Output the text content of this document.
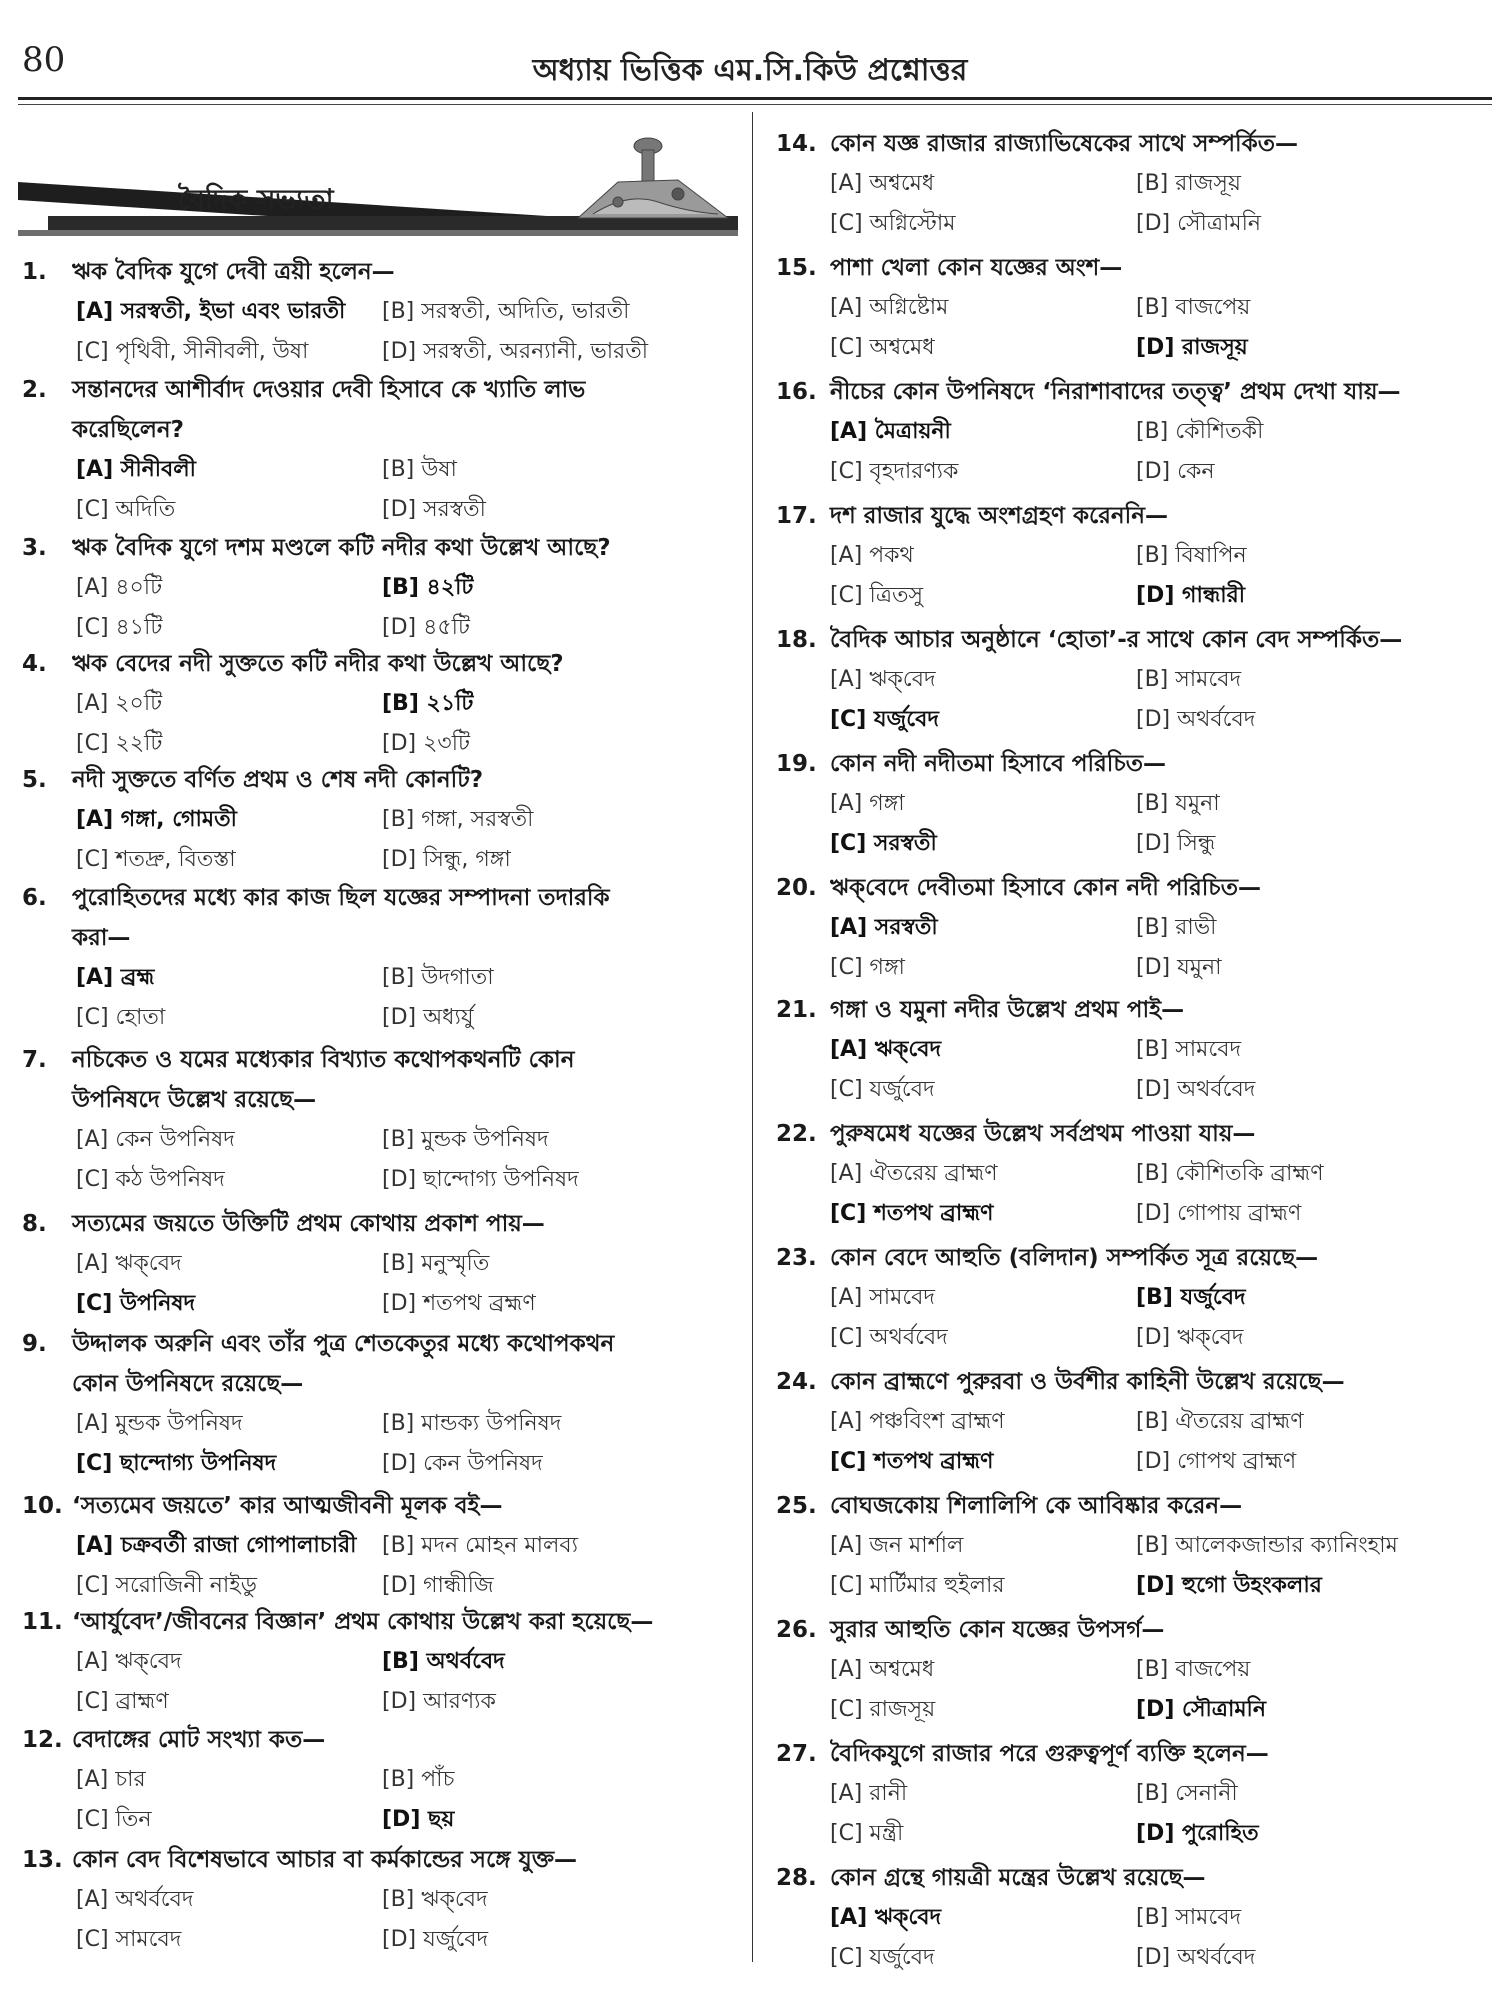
80	অধ্যায় ভিত্তিক এম.সি.কিউ প্রশ্নোত্তর
বৈদিক সভ্যতা
1. ঋক বৈদিক যুগে দেবী ত্রয়ী হলেন—
[A] সরস্বতী, ইভা এবং ভারতী [B] সরস্বতী, অদিতি, ভারতী
[C] পৃথিবী, সীনীবলী, উষা	[D] সরস্বতী, অরন্যানী, ভারতী
2. সন্তানদের আশীর্বাদ দেওয়ার দেবী হিসাবে কে খ্যাতি লাভ
করেছিলেন?
[A] সীনীবলী	[B] উষা
[C] অদিতি	[D] সরস্বতী
3. ঋক বৈদিক যুগে দশম মণ্ডলে কটি নদীর কথা উল্লেখ আছে?
[A] ৪০টি	[B] ৪২টি
[C] ৪১টি	[D] ৪৫টি
4. ঋক বেদের নদী সুক্ততে কটি নদীর কথা উল্লেখ আছে?
[A] ২০টি	[B] ২১টি
[C] ২২টি	[D] ২৩টি
5. নদী সুক্ততে বর্ণিত প্রথম ও শেষ নদী কোনটি?
[A] গঙ্গা, গোমতী	[B] গঙ্গা, সরস্বতী
[C] শতদ্রু, বিতস্তা	[D] সিন্ধু, গঙ্গা
6. পুরোহিতদের মধ্যে কার কাজ ছিল যজ্ঞের সম্পাদনা তদারকি
করা—
[A] ব্রহ্ম	[B] উদগাতা
[C] হোতা	[D] অধ্যর্যু
7. নচিকেত ও যমের মধ্যেকার বিখ্যাত কথোপকথনটি কোন
উপনিষদে উল্লেখ রয়েছে—
[A] কেন উপনিষদ	[B] মুন্ডক উপনিষদ
[C] কঠ উপনিষদ	[D] ছান্দোগ্য উপনিষদ
8. সত্যমের জয়তে উক্তিটি প্রথম কোথায় প্রকাশ পায়—
[A] ঋক্‌বেদ	[B] মনুস্মৃতি
[C] উপনিষদ	[D] শতপথ ব্রহ্মণ
9. উদ্দালক অরুনি এবং তাঁর পুত্র শেতকেতুর মধ্যে কথোপকথন
কোন উপনিষদে রয়েছে—
[A] মুন্ডক উপনিষদ	[B] মান্ডক্য উপনিষদ
[C] ছান্দোগ্য উপনিষদ	[D] কেন উপনিষদ
10. ‘সত্যমেব জয়তে’ কার আত্মজীবনী মূলক বই—
[A] চক্রবর্তী রাজা গোপালাচারী [B] মদন মোহন মালব্য
[C] সরোজিনী নাইডু	[D] গান্ধীজি
11. ‘আর্যুবেদ’/জীবনের বিজ্ঞান’ প্রথম কোথায় উল্লেখ করা হয়েছে—
[A] ঋক্‌বেদ	[B] অথর্ববেদ
[C] ব্রাহ্মণ	[D] আরণ্যক
12. বেদাঙ্গের মোট সংখ্যা কত—
[A] চার	[B] পাঁচ
[C] তিন	[D] ছয়
13. কোন বেদ বিশেষভাবে আচার বা কর্মকান্ডের সঙ্গে যুক্ত—
[A] অথর্ববেদ	[B] ঋক্‌বেদ
[C] সামবেদ	[D] যর্জুবেদ
14. কোন যজ্ঞ রাজার রাজ্যাভিষেকের সাথে সম্পর্কিত—
[A] অশ্বমেধ	[B] রাজসূয়
[C] অগ্নিস্টোম	[D] সৌত্রামনি
15. পাশা খেলা কোন যজ্ঞের অংশ—
[A] অগ্নিষ্টোম	[B] বাজপেয়
[C] অশ্বমেধ	[D] রাজসূয়
16. নীচের কোন উপনিষদে ‘নিরাশাবাদের তত্ত্ব’ প্রথম দেখা যায়—
[A] মৈত্রায়নী	[B] কৌশিতকী
[C] বৃহদারণ্যক	[D] কেন
17. দশ রাজার যুদ্ধে অংশগ্রহণ করেননি—
[A] পকথ	[B] বিষাপিন
[C] ত্রিতসু	[D] গান্ধারী
18. বৈদিক আচার অনুষ্ঠানে ‘হোতা’-র সাথে কোন বেদ সম্পর্কিত—
[A] ঋক্‌বেদ	[B] সামবেদ
[C] যর্জুবেদ	[D] অথর্ববেদ
19. কোন নদী নদীতমা হিসাবে পরিচিত—
[A] গঙ্গা	[B] যমুনা
[C] সরস্বতী	[D] সিন্ধু
20. ঋক্‌বেদে দেবীতমা হিসাবে কোন নদী পরিচিত—
[A] সরস্বতী	[B] রাভী
[C] গঙ্গা	[D] যমুনা
21. গঙ্গা ও যমুনা নদীর উল্লেখ প্রথম পাই—
[A] ঋক্‌বেদ	[B] সামবেদ
[C] যর্জুবেদ	[D] অথর্ববেদ
22. পুরুষমেধ যজ্ঞের উল্লেখ সর্বপ্রথম পাওয়া যায়—
[A] ঐতরেয় ব্রাহ্মণ	[B] কৌশিতকি ব্রাহ্মণ
[C] শতপথ ব্রাহ্মণ	[D] গোপায় ব্রাহ্মণ
23. কোন বেদে আহুতি (বলিদান) সম্পর্কিত সূত্র রয়েছে—
[A] সামবেদ	[B] যর্জুবেদ
[C] অথর্ববেদ	[D] ঋক্‌বেদ
24. কোন ব্রাহ্মণে পুরুরবা ও উর্বশীর কাহিনী উল্লেখ রয়েছে—
[A] পঞ্চবিংশ ব্রাহ্মণ	[B] ঐতরেয় ব্রাহ্মণ
[C] শতপথ ব্রাহ্মণ	[D] গোপথ ব্রাহ্মণ
25. বোঘজকোয় শিলালিপি কে আবিষ্কার করেন—
[A] জন মার্শাল	[B] আলেকজান্ডার ক্যানিংহাম
[C] মার্টিমার হুইলার	[D] হুগো উহংকলার
26. সুরার আহুতি কোন যজ্ঞের উপসর্গ—
[A] অশ্বমেধ	[B] বাজপেয়
[C] রাজসূয়	[D] সৌত্রামনি
27. বৈদিকযুগে রাজার পরে গুরুত্বপূর্ণ ব্যক্তি হলেন—
[A] রানী	[B] সেনানী
[C] মন্ত্রী	[D] পুরোহিত
28. কোন গ্রন্থে গায়ত্রী মন্ত্রের উল্লেখ রয়েছে—
[A] ঋক্‌বেদ	[B] সামবেদ
[C] যর্জুবেদ	[D] অথর্ববেদ
